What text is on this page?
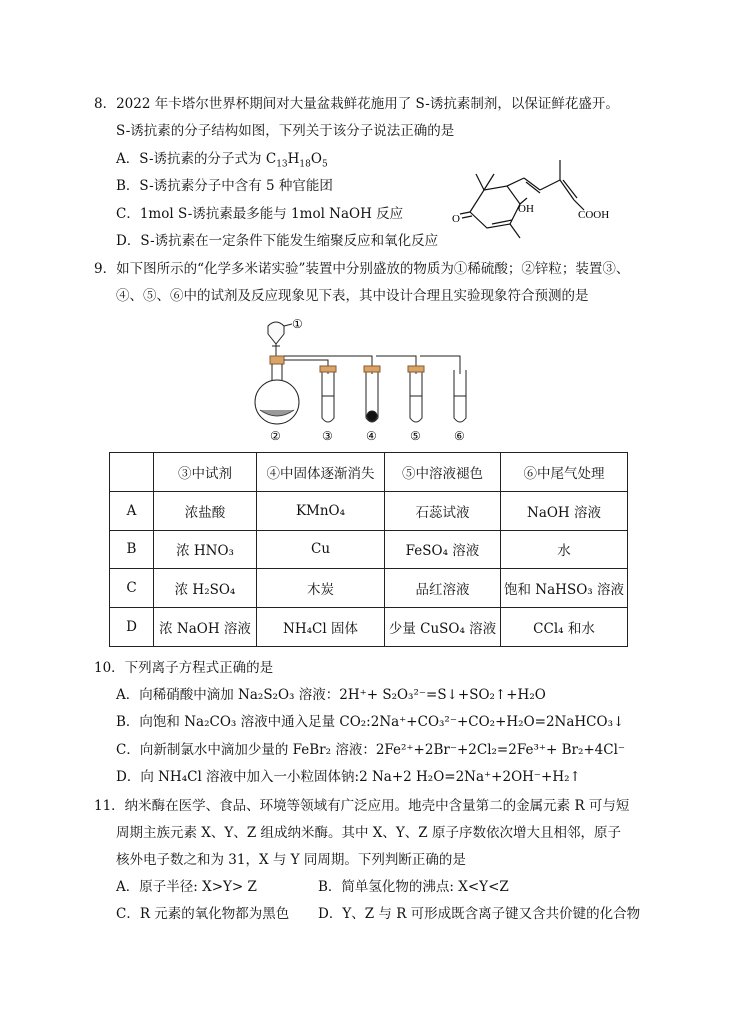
8．2022 年卡塔尔世界杯期间对大量盆栽鲜花施用了 S-诱抗素制剂，以保证鲜花盛开。
S-诱抗素的分子结构如图，下列关于该分子说法正确的是
A．S-诱抗素的分子式为 $C_{13}H_{18}O_5$
B．S-诱抗素分子中含有 5 种官能团
C．1mol S-诱抗素最多能与 1mol NaOH 反应
D．S-诱抗素在一定条件下能发生缩聚反应和氧化反应
O
OH	COOH
9．如下图所示的“化学多米诺实验”装置中分别盛放的物质为①稀硫酸；②锌粒；装置③、
④、⑤、⑥中的试剂及反应现象见下表，其中设计合理且实验现象符合预测的是
①
②	③	④	⑤	⑥
	③中试剂	④中固体逐渐消失	⑤中溶液褪色	⑥中尾气处理
A	浓盐酸	KMnO₄	石蕊试液	NaOH 溶液
B	浓 HNO₃	Cu	FeSO₄ 溶液	水
C	浓 H₂SO₄	木炭	品红溶液	饱和 NaHSO₃ 溶液
D	浓 NaOH 溶液	NH₄Cl 固体	少量 CuSO₄ 溶液	CCl₄ 和水
10．下列离子方程式正确的是
A．向稀硝酸中滴加 Na₂S₂O₃ 溶液：2H⁺+ S₂O₃²⁻=S↓+SO₂↑+H₂O
B．向饱和 Na₂CO₃ 溶液中通入足量 CO₂:2Na⁺+CO₃²⁻+CO₂+H₂O=2NaHCO₃↓
C．向新制氯水中滴加少量的 FeBr₂ 溶液：2Fe²⁺+2Br⁻+2Cl₂=2Fe³⁺+ Br₂+4Cl⁻
D．向 NH₄Cl 溶液中加入一小粒固体钠:2 Na+2 H₂O=2Na⁺+2OH⁻+H₂↑
11．纳米酶在医学、食品、环境等领域有广泛应用。地壳中含量第二的金属元素 R 可与短
周期主族元素 X、Y、Z 组成纳米酶。其中 X、Y、Z 原子序数依次增大且相邻，原子
核外电子数之和为 31，X 与 Y 同周期。下列判断正确的是
A．原子半径: X>Y> Z	B．简单氢化物的沸点: X<Y<Z
C．R 元素的氧化物都为黑色 D．Y、Z 与 R 可形成既含离子键又含共价键的化合物
